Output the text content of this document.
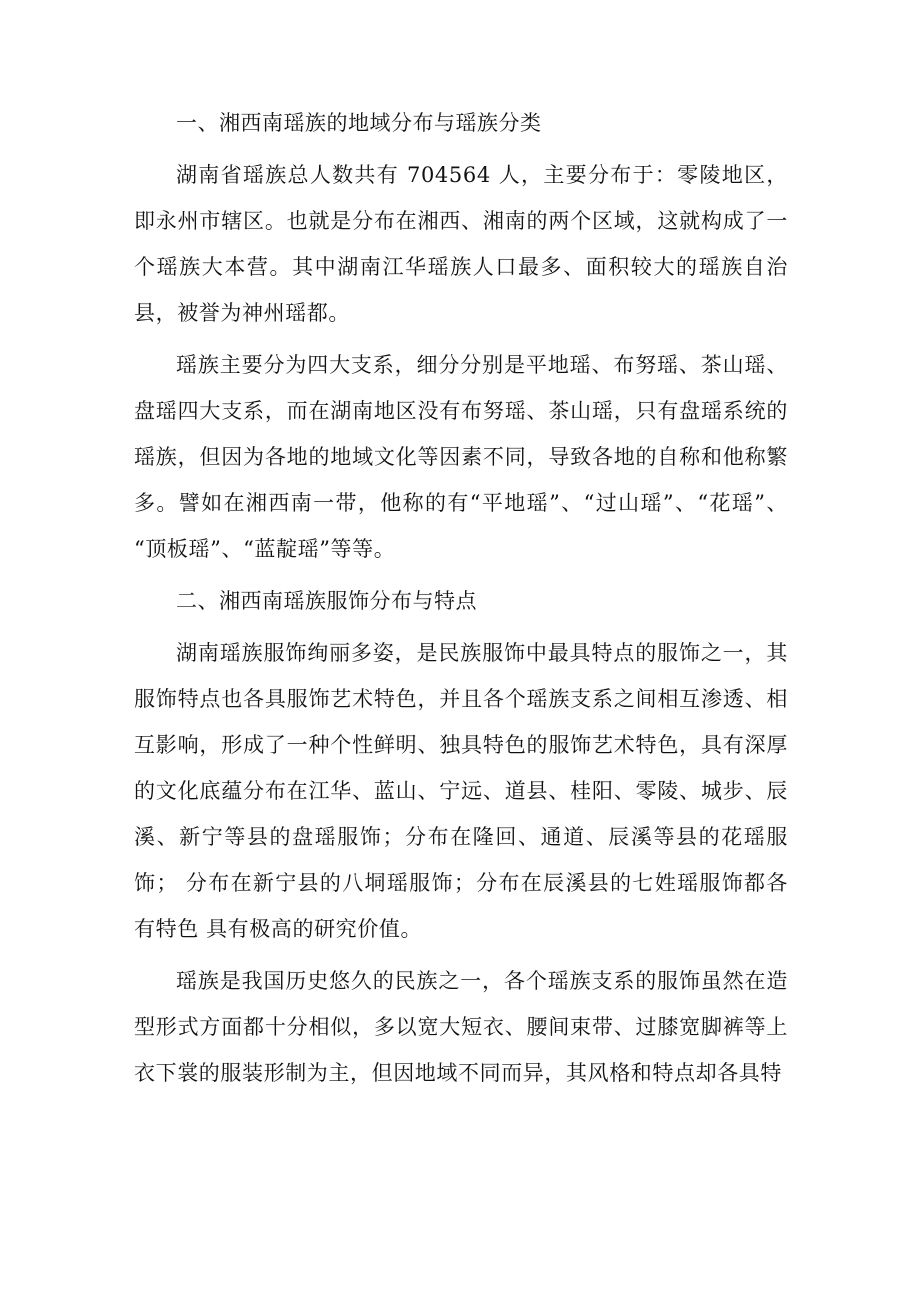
一、湘西南瑶族的地域分布与瑶族分类

湖南省瑶族总人数共有 704564 人，主要分布于：零陵地区，即永州市辖区。也就是分布在湘西、湘南的两个区域，这就构成了一个瑶族大本营。其中湖南江华瑶族人口最多、面积较大的瑶族自治县，被誉为神州瑶都。

瑶族主要分为四大支系，细分分别是平地瑶、布努瑶、茶山瑶、盘瑶四大支系，而在湖南地区没有布努瑶、茶山瑶，只有盘瑶系统的瑶族，但因为各地的地域文化等因素不同，导致各地的自称和他称繁多。譬如在湘西南一带，他称的有“平地瑶”、“过山瑶”、“花瑶”、 “顶板瑶”、“蓝靛瑶”等等。

二、湘西南瑶族服饰分布与特点

湖南瑶族服饰绚丽多姿，是民族服饰中最具特点的服饰之一，其服饰特点也各具服饰艺术特色，并且各个瑶族支系之间相互渗透、相互影响，形成了一种个性鲜明、独具特色的服饰艺术特色，具有深厚的文化底蕴分布在江华、蓝山、宁远、道县、桂阳、零陵、城步、辰溪、新宁等县的盘瑶服饰；分布在隆回、通道、辰溪等县的花瑶服饰； 分布在新宁县的八垌瑶服饰；分布在辰溪县的七姓瑶服饰都各有特色 具有极高的研究价值。

瑶族是我国历史悠久的民族之一，各个瑶族支系的服饰虽然在造型形式方面都十分相似，多以宽大短衣、腰间束带、过膝宽脚裤等上衣下裳的服装形制为主，但因地域不同而异，其风格和特点却各具特
